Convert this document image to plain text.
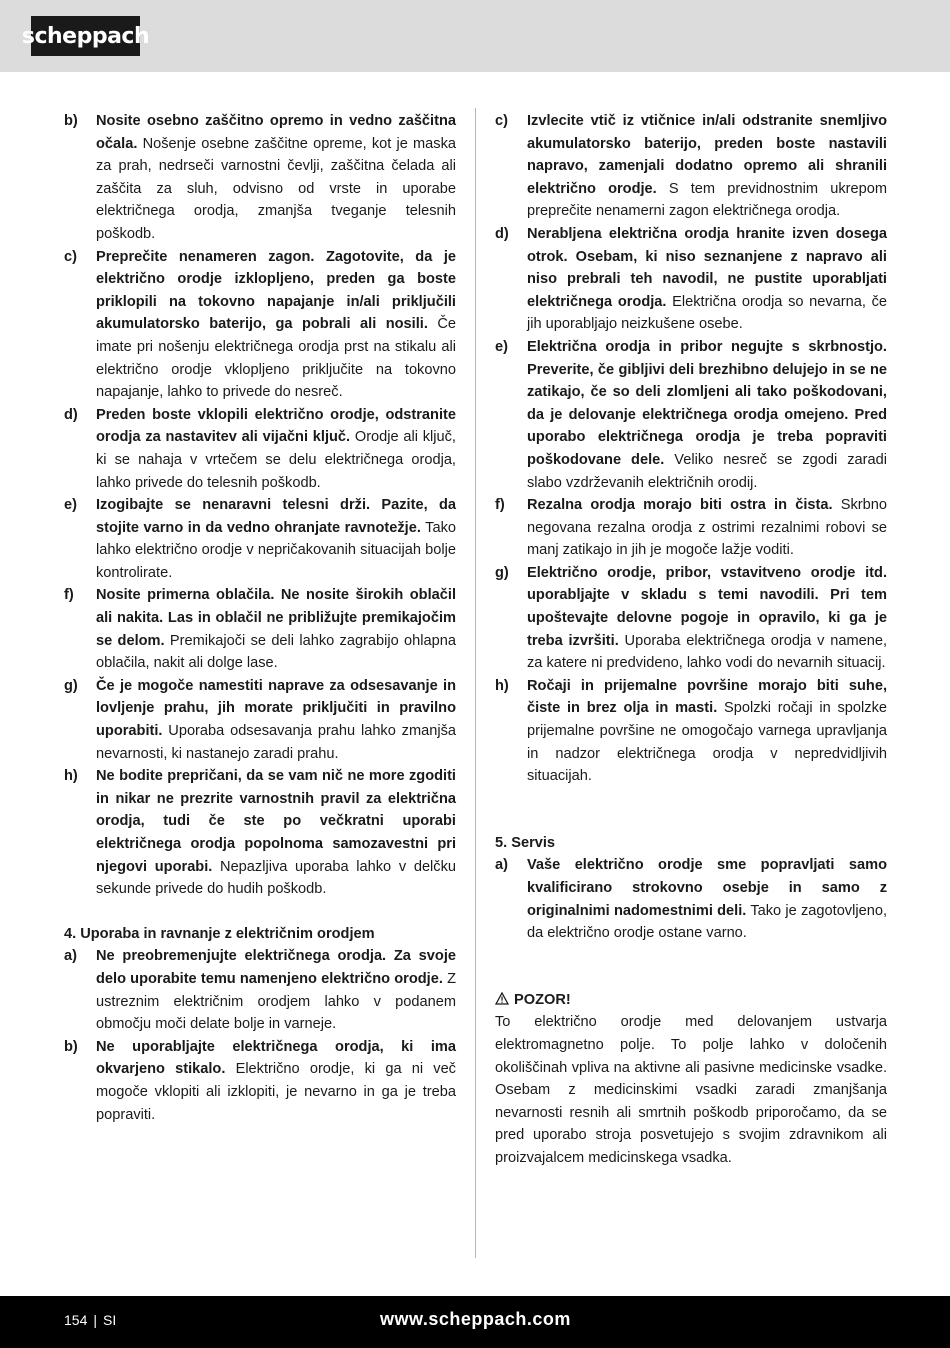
scheppach
b)	Nosite osebno zaščitno opremo in vedno zaščitna očala. Nošenje osebne zaščitne opreme, kot je maska za prah, nedrseči varnostni čevlji, zaščitna čelada ali zaščita za sluh, odvisno od vrste in uporabe električnega orodja, zmanjša tveganje telesnih poškodb.
c)	Preprečite nenameren zagon. Zagotovite, da je električno orodje izklopljeno, preden ga boste priklopili na tokovno napajanje in/ali priključili akumulatorsko baterijo, ga pobrali ali nosili. Če imate pri nošenju električnega orodja prst na stikalu ali električno orodje vklopljeno priključite na tokovno napajanje, lahko to privede do nesreč.
d)	Preden boste vklopili električno orodje, odstranite orodja za nastavitev ali vijačni ključ. Orodje ali ključ, ki se nahaja v vrtečem se delu električnega orodja, lahko privede do telesnih poškodb.
e)	Izogibajte se nenaravni telesni drži. Pazite, da stojite varno in da vedno ohranjate ravnotežje. Tako lahko električno orodje v nepričakovanih situacijah bolje kontrolirate.
f)	Nosite primerna oblačila. Ne nosite širokih oblačil ali nakita. Las in oblačil ne približujte premikajočim se delom. Premikajoči se deli lahko zagrabijo ohlapna oblačila, nakit ali dolge lase.
g)	Če je mogoče namestiti naprave za odsesavanje in lovljenje prahu, jih morate priključiti in pravilno uporabiti. Uporaba odsesavanja prahu lahko zmanjša nevarnosti, ki nastanejo zaradi prahu.
h)	Ne bodite prepričani, da se vam nič ne more zgoditi in nikar ne prezrite varnostnih pravil za električna orodja, tudi če ste po večkratni uporabi električnega orodja popolnoma samozavestni pri njegovi uporabi. Nepazljiva uporaba lahko v delčku sekunde privede do hudih poškodb.
4. Uporaba in ravnanje z električnim orodjem
a)	Ne preobremenjujte električnega orodja. Za svoje delo uporabite temu namenjeno električno orodje. Z ustreznim električnim orodjem lahko v podanem območju moči delate bolje in varneje.
b)	Ne uporabljajte električnega orodja, ki ima okvarjeno stikalo. Električno orodje, ki ga ni več mogoče vklopiti ali izklopiti, je nevarno in ga je treba popraviti.
c)	Izvlecite vtič iz vtičnice in/ali odstranite snemljivo akumulatorsko baterijo, preden boste nastavili napravo, zamenjali dodatno opremo ali shranili električno orodje. S tem previdnostnim ukrepom preprečite nenamerni zagon električnega orodja.
d)	Nerabljena električna orodja hranite izven dosega otrok. Osebam, ki niso seznanjene z napravo ali niso prebrali teh navodil, ne pustite uporabljati električnega orodja. Električna orodja so nevarna, če jih uporabljajo neizkušene osebe.
e)	Električna orodja in pribor negujte s skrbnostjo. Preverite, če gibljivi deli brezhibno delujejo in se ne zatikajo, če so deli zlomljeni ali tako poškodovani, da je delovanje električnega orodja omejeno. Pred uporabo električnega orodja je treba popraviti poškodovane dele. Veliko nesreč se zgodi zaradi slabo vzdrževanih električnih orodij.
f)	Rezalna orodja morajo biti ostra in čista. Skrbno negovana rezalna orodja z ostrimi rezalnimi robovi se manj zatikajo in jih je mogoče lažje voditi.
g)	Električno orodje, pribor, vstavitveno orodje itd. uporabljajte v skladu s temi navodili. Pri tem upoštevajte delovne pogoje in opravilo, ki ga je treba izvršiti. Uporaba električnega orodja v namene, za katere ni predvideno, lahko vodi do nevarnih situacij.
h)	Ročaji in prijemalne površine morajo biti suhe, čiste in brez olja in masti. Spolzki ročaji in spolzke prijemalne površine ne omogočajo varnega upravljanja in nadzor električnega orodja v nepredvidljivih situacijah.
5. Servis
a)	Vaše električno orodje sme popravljati samo kvalificirano strokovno osebje in samo z originalnimi nadomestnimi deli. Tako je zagotovljeno, da električno orodje ostane varno.
POZOR!
To električno orodje med delovanjem ustvarja elektromagnetno polje. To polje lahko v določenih okoliščinah vpliva na aktivne ali pasivne medicinske vsadke. Osebam z medicinskimi vsadki zaradi zmanjšanja nevarnosti resnih ali smrtnih poškodb priporočamo, da se pred uporabo stroja posvetujejo s svojim zdravnikom ali proizvajalcem medicinskega vsadka.
154 | SI	www.scheppach.com
